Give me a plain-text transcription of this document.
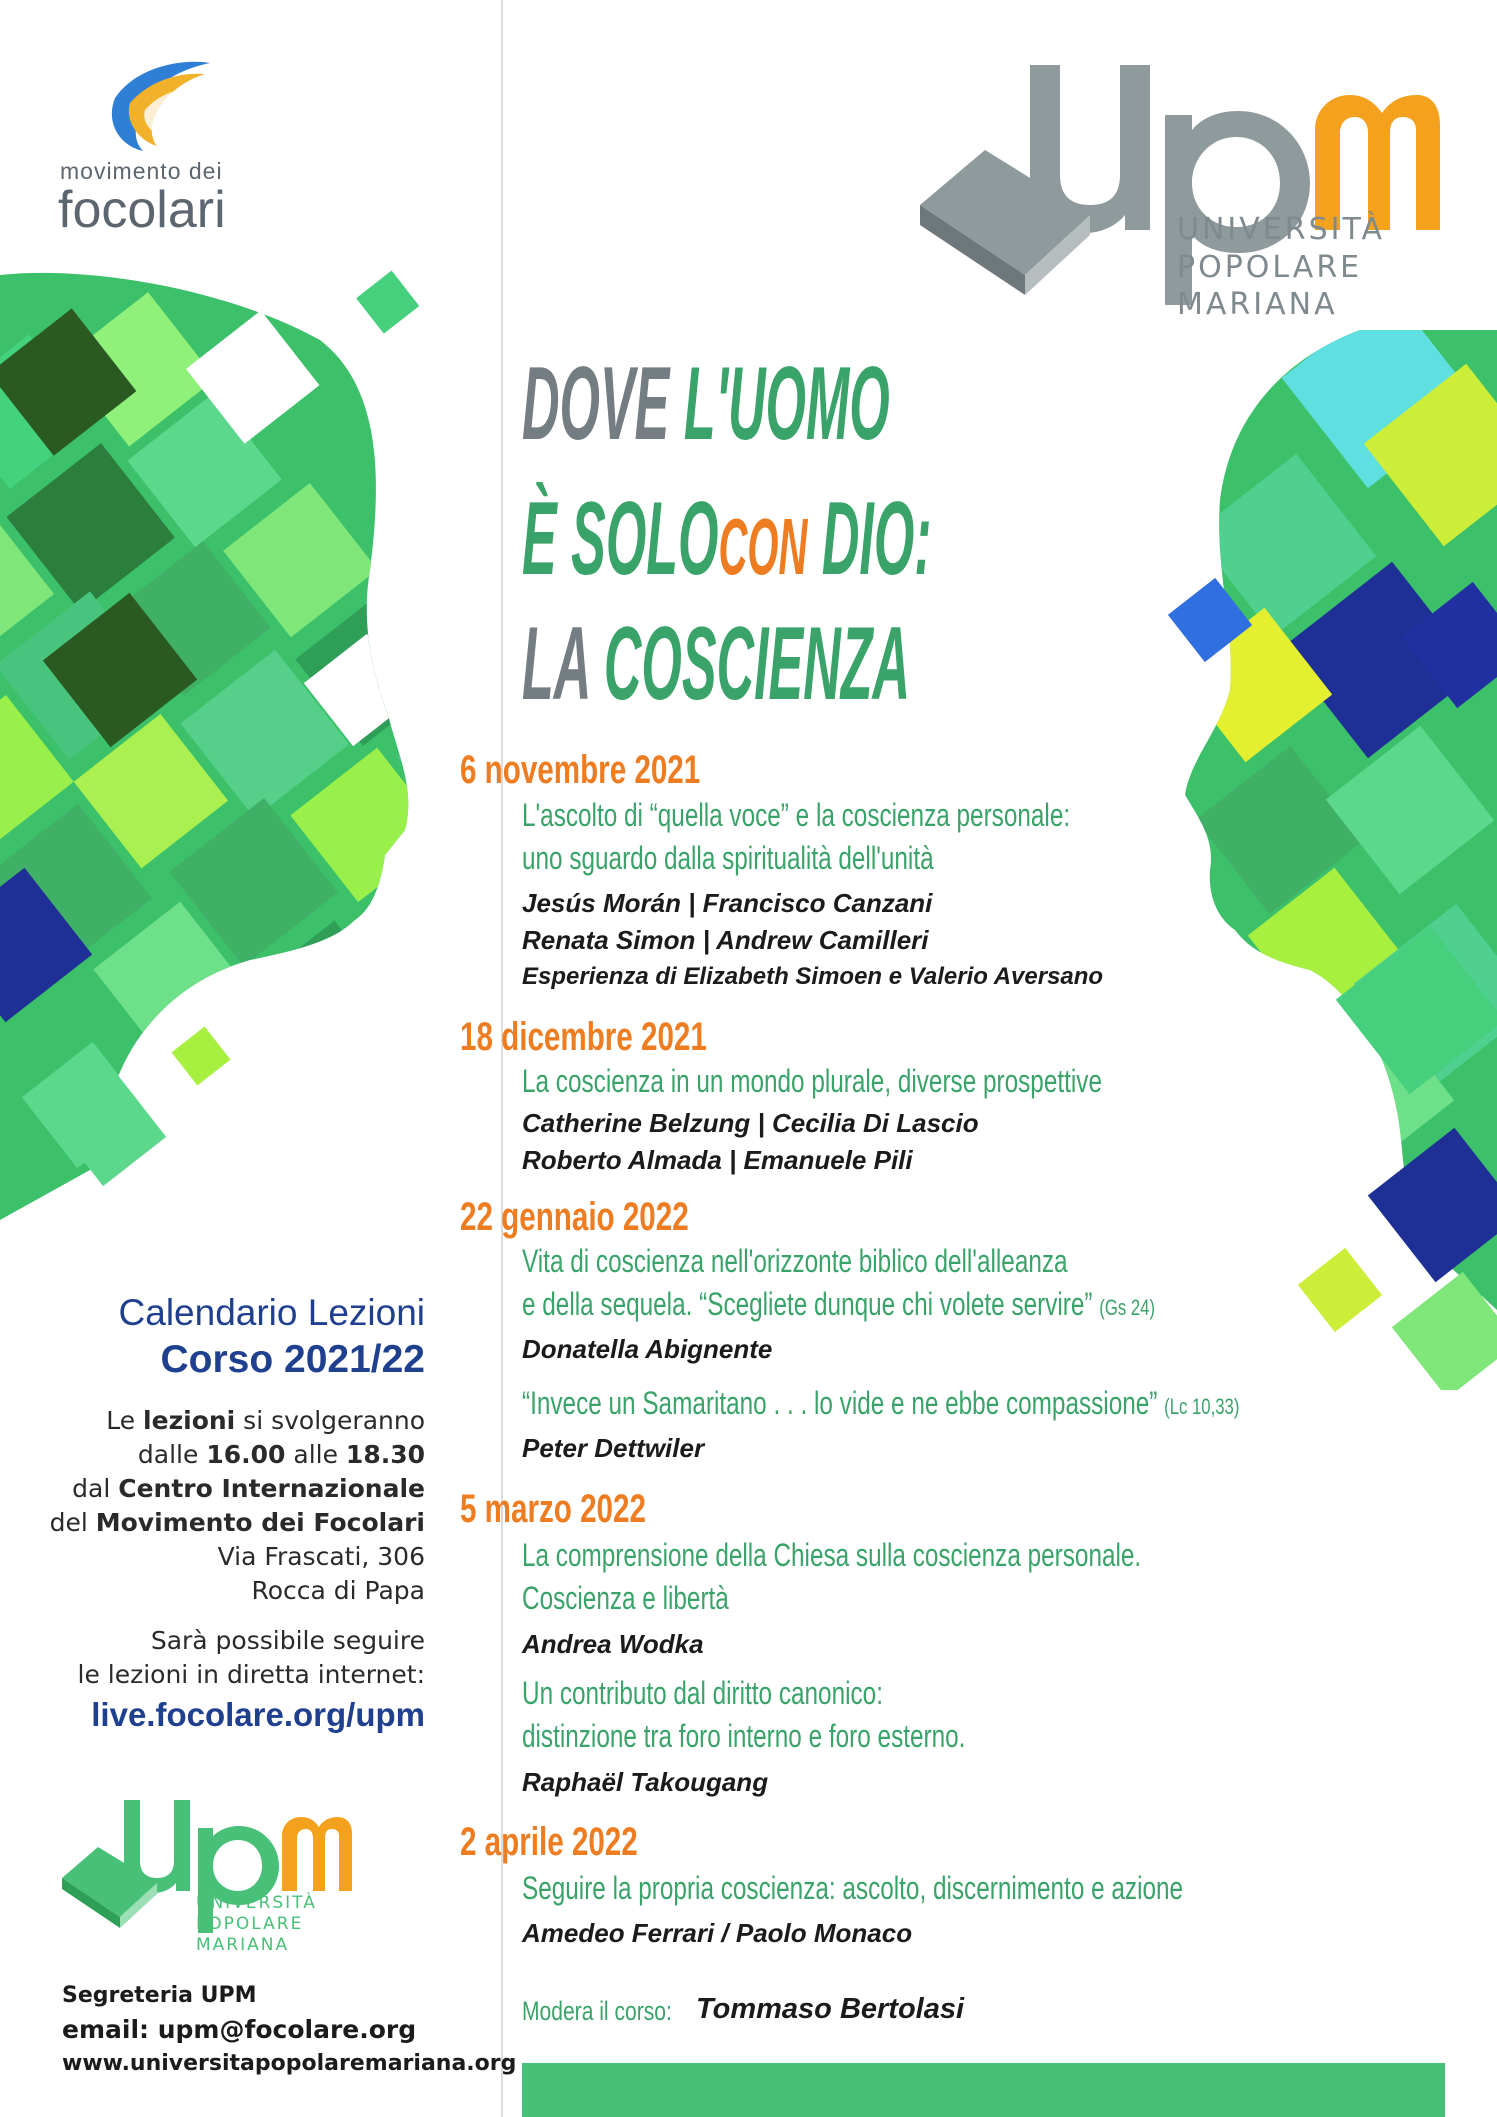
movimento dei
focolari	UNIVERSITÀ
POPOLARE
MARIANA
DOVE L'UOMO
È SOLOCON DIO:
LA COSCIENZA
6 novembre 2021
L'ascolto di “quella voce” e la coscienza personale:
uno sguardo dalla spiritualità dell'unità
Jesús Morán | Francisco Canzani
Renata Simon | Andrew Camilleri
Esperienza di Elizabeth Simoen e Valerio Aversano
18 dicembre 2021
La coscienza in un mondo plurale, diverse prospettive
Catherine Belzung | Cecilia Di Lascio
Roberto Almada | Emanuele Pili
22 gennaio 2022
Vita di coscienza nell'orizzonte biblico dell'alleanza
e della sequela. “Scegliete dunque chi volete servire” (Gs 24)
Donatella Abignente
“Invece un Samaritano . . . lo vide e ne ebbe compassione” (Lc 10,33)
Peter Dettwiler
5 marzo 2022
La comprensione della Chiesa sulla coscienza personale.
Coscienza e libertà
Andrea Wodka
Un contributo dal diritto canonico:
distinzione tra foro interno e foro esterno.
Raphaël Takougang
2 aprile 2022
Seguire la propria coscienza: ascolto, discernimento e azione
Amedeo Ferrari / Paolo Monaco
Modera il corso: Tommaso Bertolasi
Calendario Lezioni
Corso 2021/22
Le lezioni si svolgeranno
dalle 16.00 alle 18.30
dal Centro Internazionale
del Movimento dei Focolari
Via Frascati, 306
Rocca di Papa
Sarà possibile seguire
le lezioni in diretta internet:
live.focolare.org/upm
UNIVERSITÀ
POPOLARE
MARIANA
Segreteria UPM
email: upm@focolare.org
www.universitapopolaremariana.org
